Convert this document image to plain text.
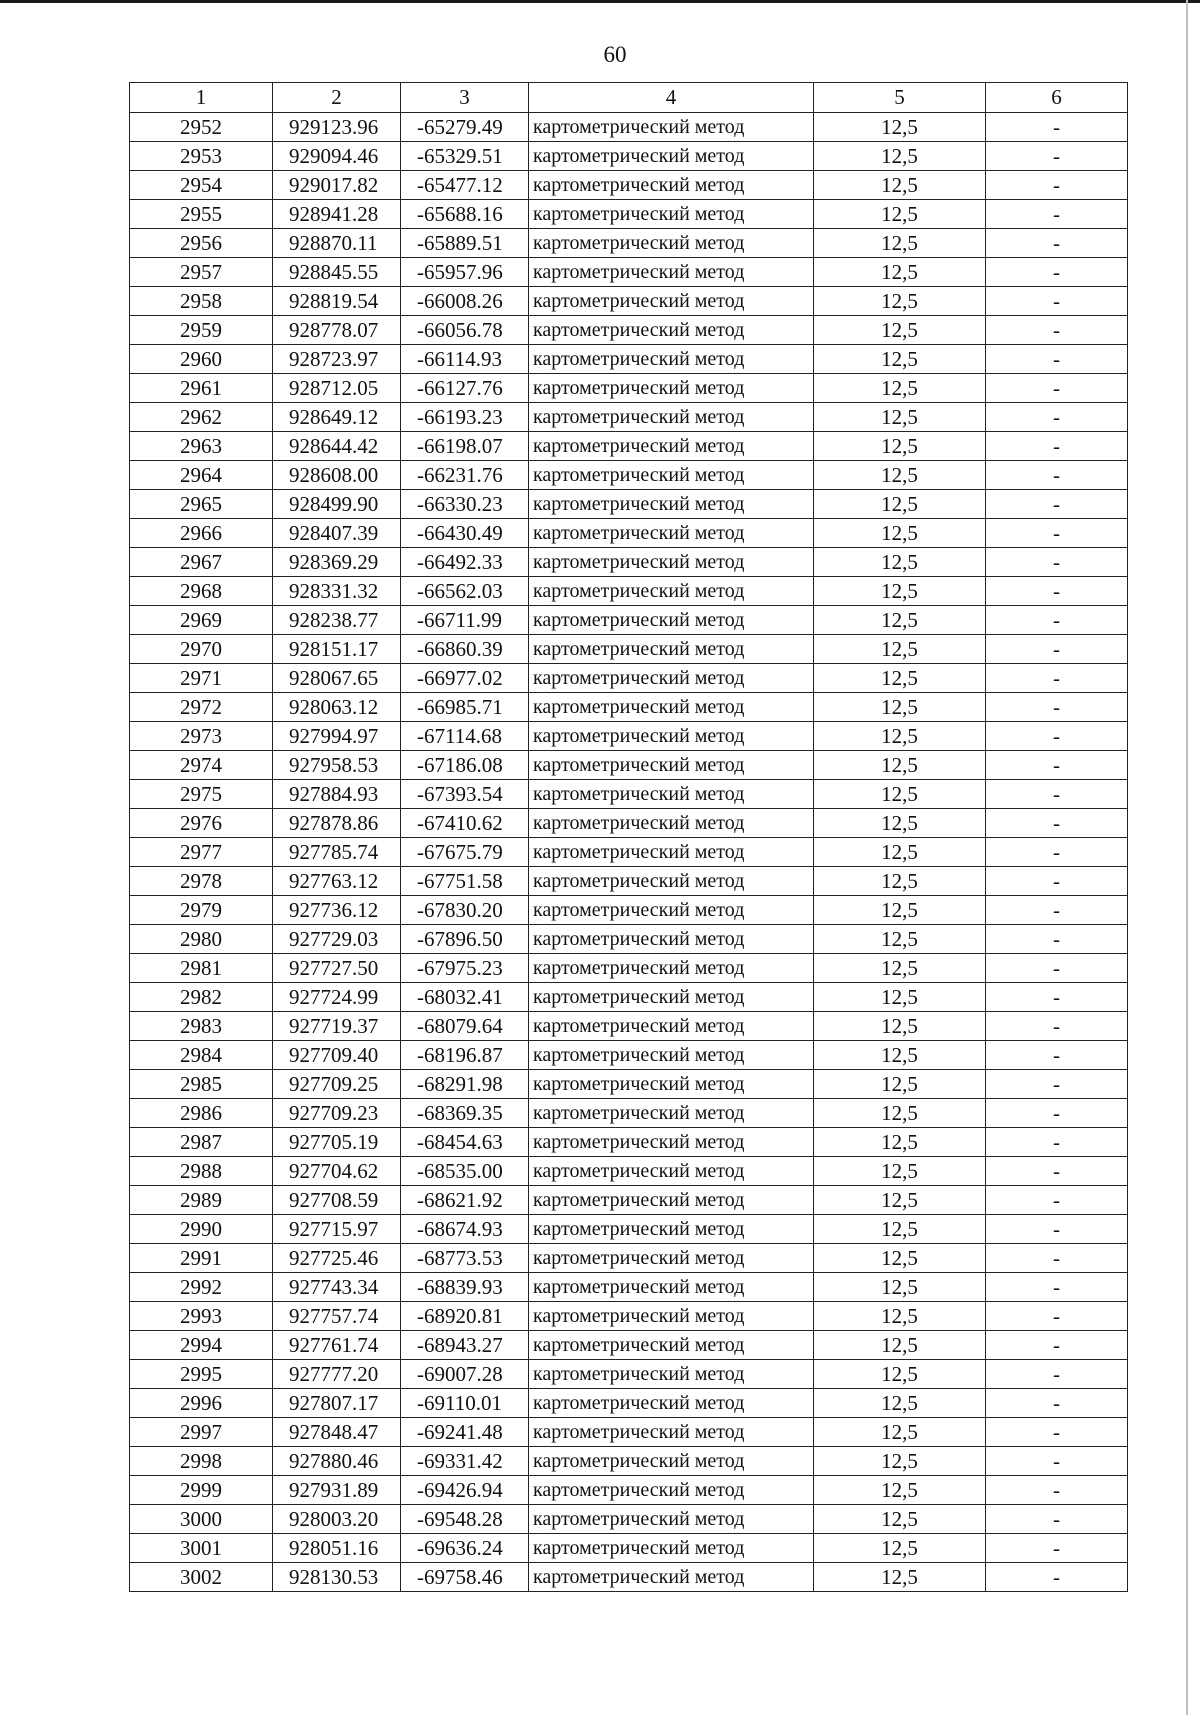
60
1	2	3	4	5	6
2952	929123.96	-65279.49	картометрический метод	12,5	-
2953	929094.46	-65329.51	картометрический метод	12,5	-
2954	929017.82	-65477.12	картометрический метод	12,5	-
2955	928941.28	-65688.16	картометрический метод	12,5	-
2956	928870.11	-65889.51	картометрический метод	12,5	-
2957	928845.55	-65957.96	картометрический метод	12,5	-
2958	928819.54	-66008.26	картометрический метод	12,5	-
2959	928778.07	-66056.78	картометрический метод	12,5	-
2960	928723.97	-66114.93	картометрический метод	12,5	-
2961	928712.05	-66127.76	картометрический метод	12,5	-
2962	928649.12	-66193.23	картометрический метод	12,5	-
2963	928644.42	-66198.07	картометрический метод	12,5	-
2964	928608.00	-66231.76	картометрический метод	12,5	-
2965	928499.90	-66330.23	картометрический метод	12,5	-
2966	928407.39	-66430.49	картометрический метод	12,5	-
2967	928369.29	-66492.33	картометрический метод	12,5	-
2968	928331.32	-66562.03	картометрический метод	12,5	-
2969	928238.77	-66711.99	картометрический метод	12,5	-
2970	928151.17	-66860.39	картометрический метод	12,5	-
2971	928067.65	-66977.02	картометрический метод	12,5	-
2972	928063.12	-66985.71	картометрический метод	12,5	-
2973	927994.97	-67114.68	картометрический метод	12,5	-
2974	927958.53	-67186.08	картометрический метод	12,5	-
2975	927884.93	-67393.54	картометрический метод	12,5	-
2976	927878.86	-67410.62	картометрический метод	12,5	-
2977	927785.74	-67675.79	картометрический метод	12,5	-
2978	927763.12	-67751.58	картометрический метод	12,5	-
2979	927736.12	-67830.20	картометрический метод	12,5	-
2980	927729.03	-67896.50	картометрический метод	12,5	-
2981	927727.50	-67975.23	картометрический метод	12,5	-
2982	927724.99	-68032.41	картометрический метод	12,5	-
2983	927719.37	-68079.64	картометрический метод	12,5	-
2984	927709.40	-68196.87	картометрический метод	12,5	-
2985	927709.25	-68291.98	картометрический метод	12,5	-
2986	927709.23	-68369.35	картометрический метод	12,5	-
2987	927705.19	-68454.63	картометрический метод	12,5	-
2988	927704.62	-68535.00	картометрический метод	12,5	-
2989	927708.59	-68621.92	картометрический метод	12,5	-
2990	927715.97	-68674.93	картометрический метод	12,5	-
2991	927725.46	-68773.53	картометрический метод	12,5	-
2992	927743.34	-68839.93	картометрический метод	12,5	-
2993	927757.74	-68920.81	картометрический метод	12,5	-
2994	927761.74	-68943.27	картометрический метод	12,5	-
2995	927777.20	-69007.28	картометрический метод	12,5	-
2996	927807.17	-69110.01	картометрический метод	12,5	-
2997	927848.47	-69241.48	картометрический метод	12,5	-
2998	927880.46	-69331.42	картометрический метод	12,5	-
2999	927931.89	-69426.94	картометрический метод	12,5	-
3000	928003.20	-69548.28	картометрический метод	12,5	-
3001	928051.16	-69636.24	картометрический метод	12,5	-
3002	928130.53	-69758.46	картометрический метод	12,5	-
